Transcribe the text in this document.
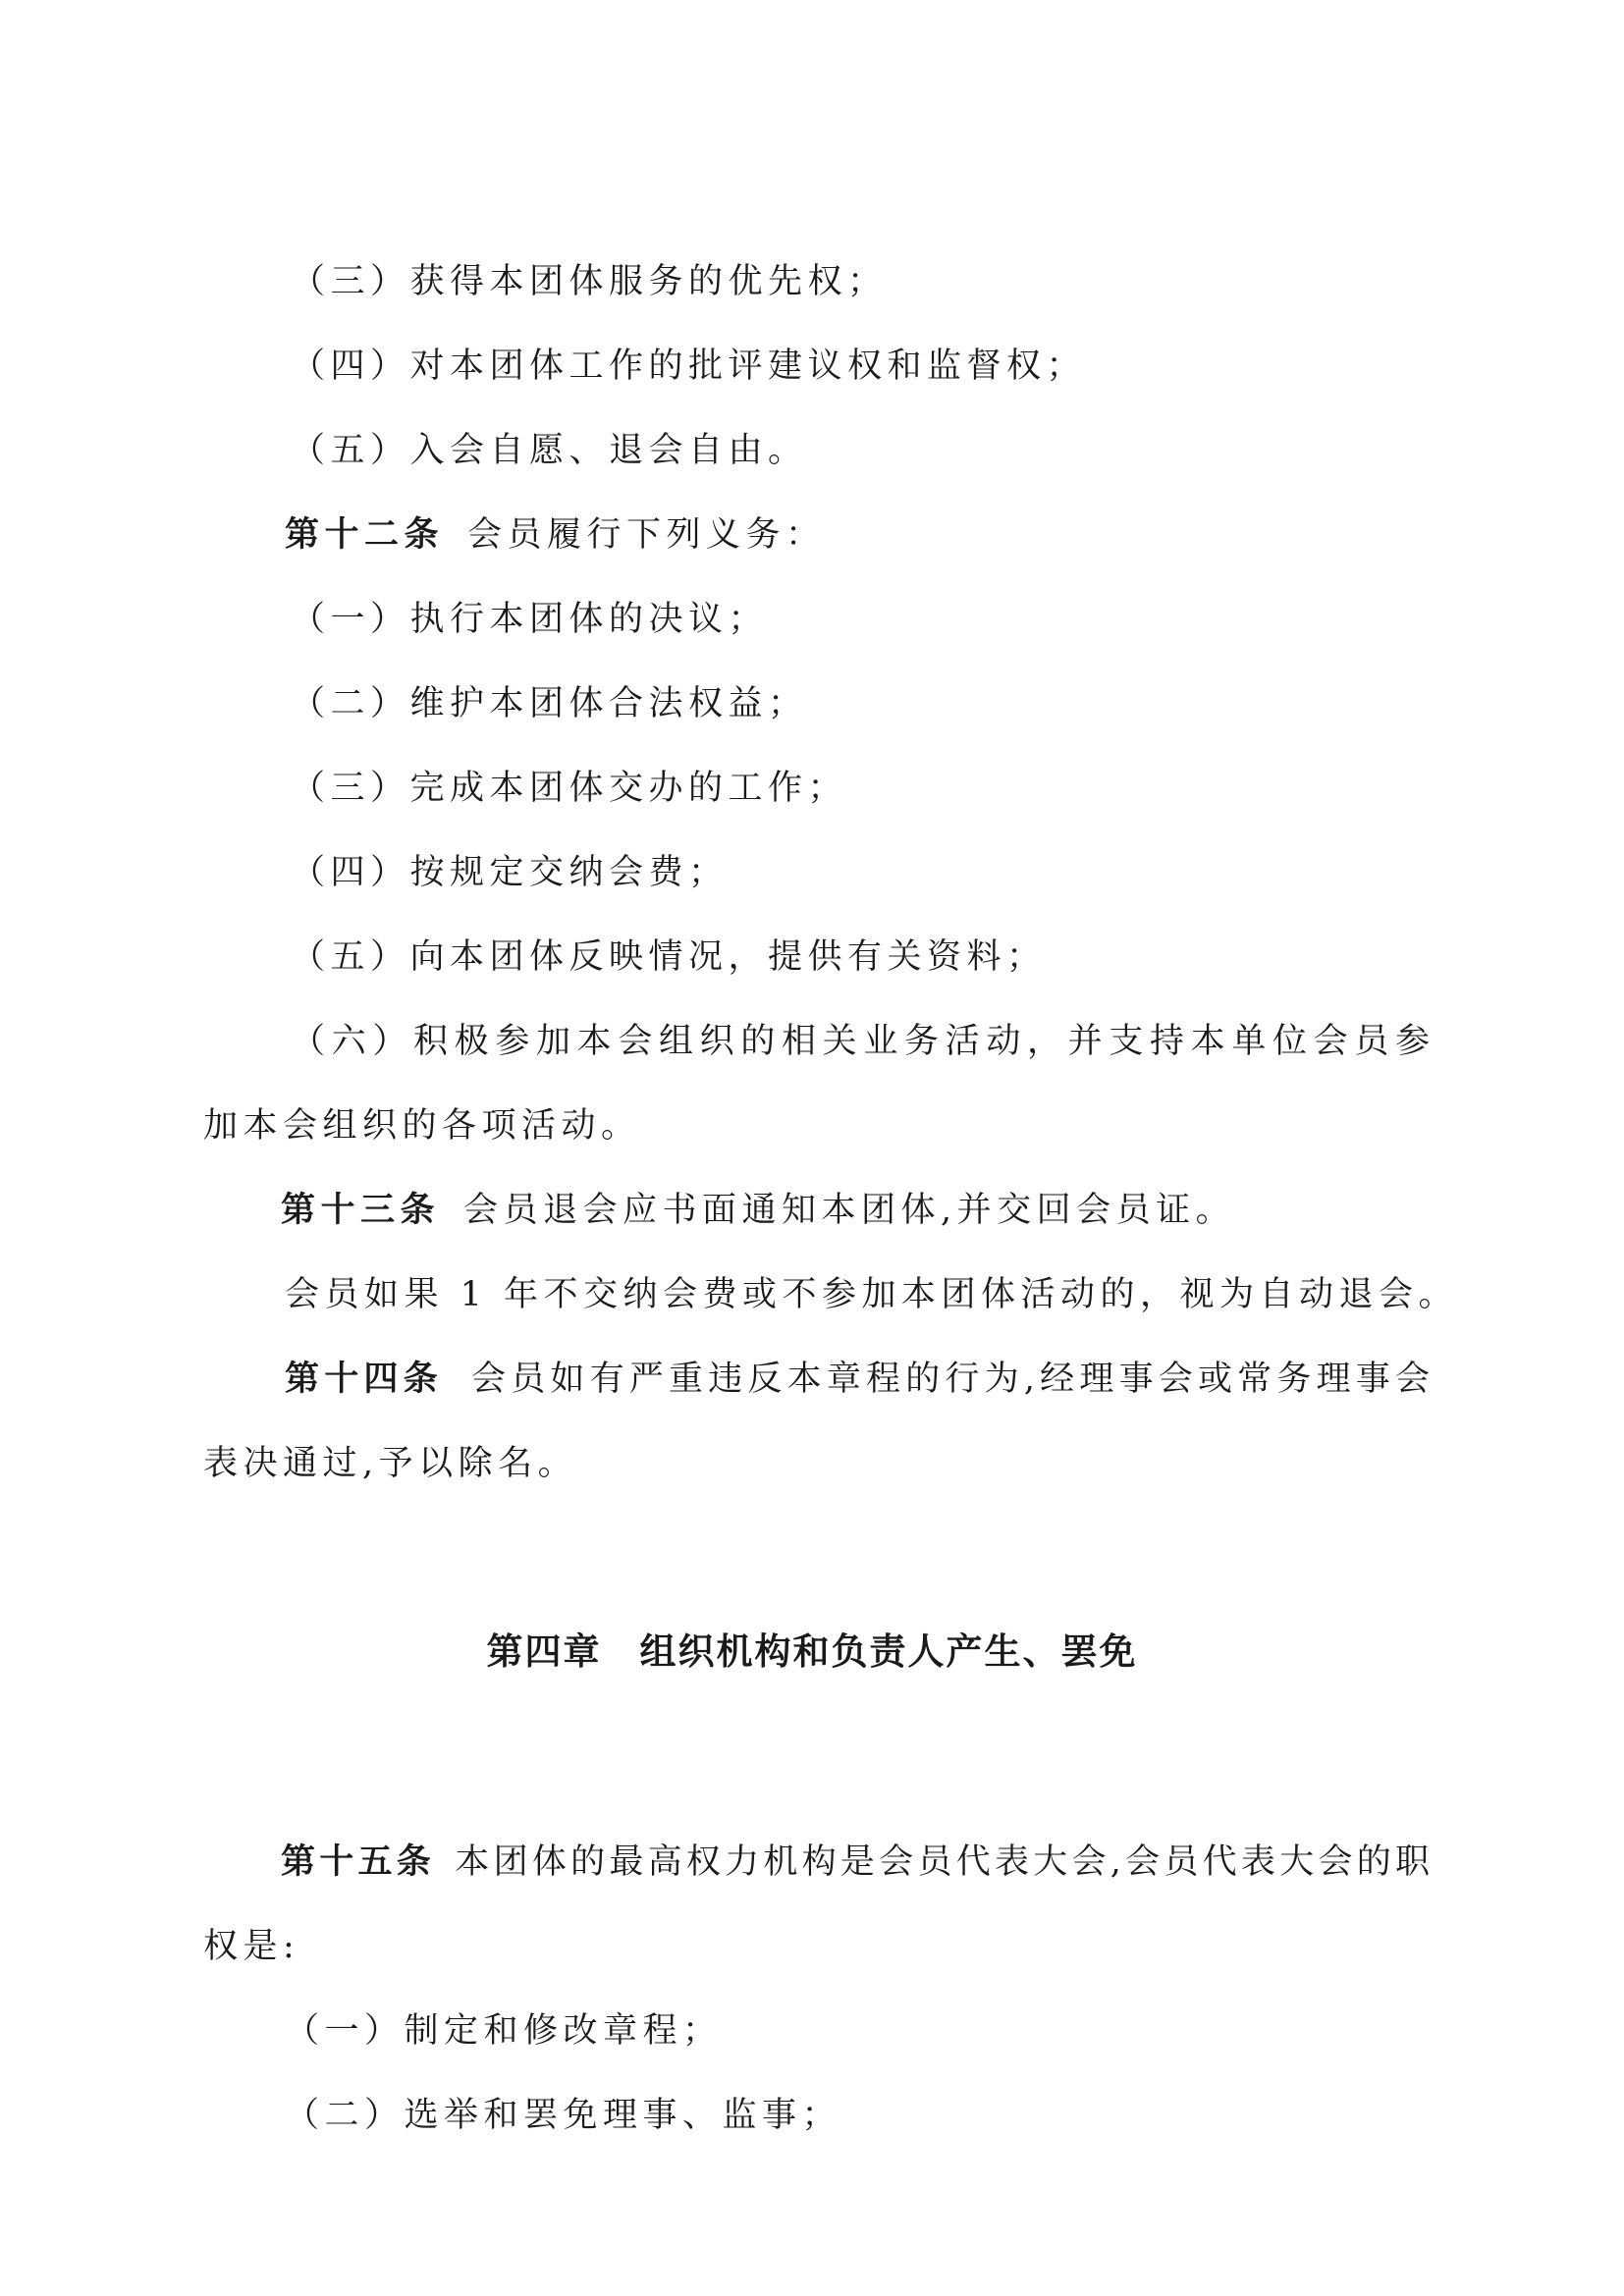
（三）获得本团体服务的优先权；
（四）对本团体工作的批评建议权和监督权；
（五）入会自愿、退会自由。
第十二条 会员履行下列义务：
（一）执行本团体的决议；
（二）维护本团体合法权益；
（三）完成本团体交办的工作；
（四）按规定交纳会费；
（五）向本团体反映情况，提供有关资料；
（六）积极参加本会组织的相关业务活动，并支持本单位会员参
加本会组织的各项活动。
第十三条 会员退会应书面通知本团体,并交回会员证。
会员如果 1 年不交纳会费或不参加本团体活动的，视为自动退会。
第十四条 会员如有严重违反本章程的行为,经理事会或常务理事会
表决通过,予以除名。
第四章　组织机构和负责人产生、罢免
第十五条 本团体的最高权力机构是会员代表大会,会员代表大会的职
权是:
（一）制定和修改章程；
（二）选举和罢免理事、监事；
